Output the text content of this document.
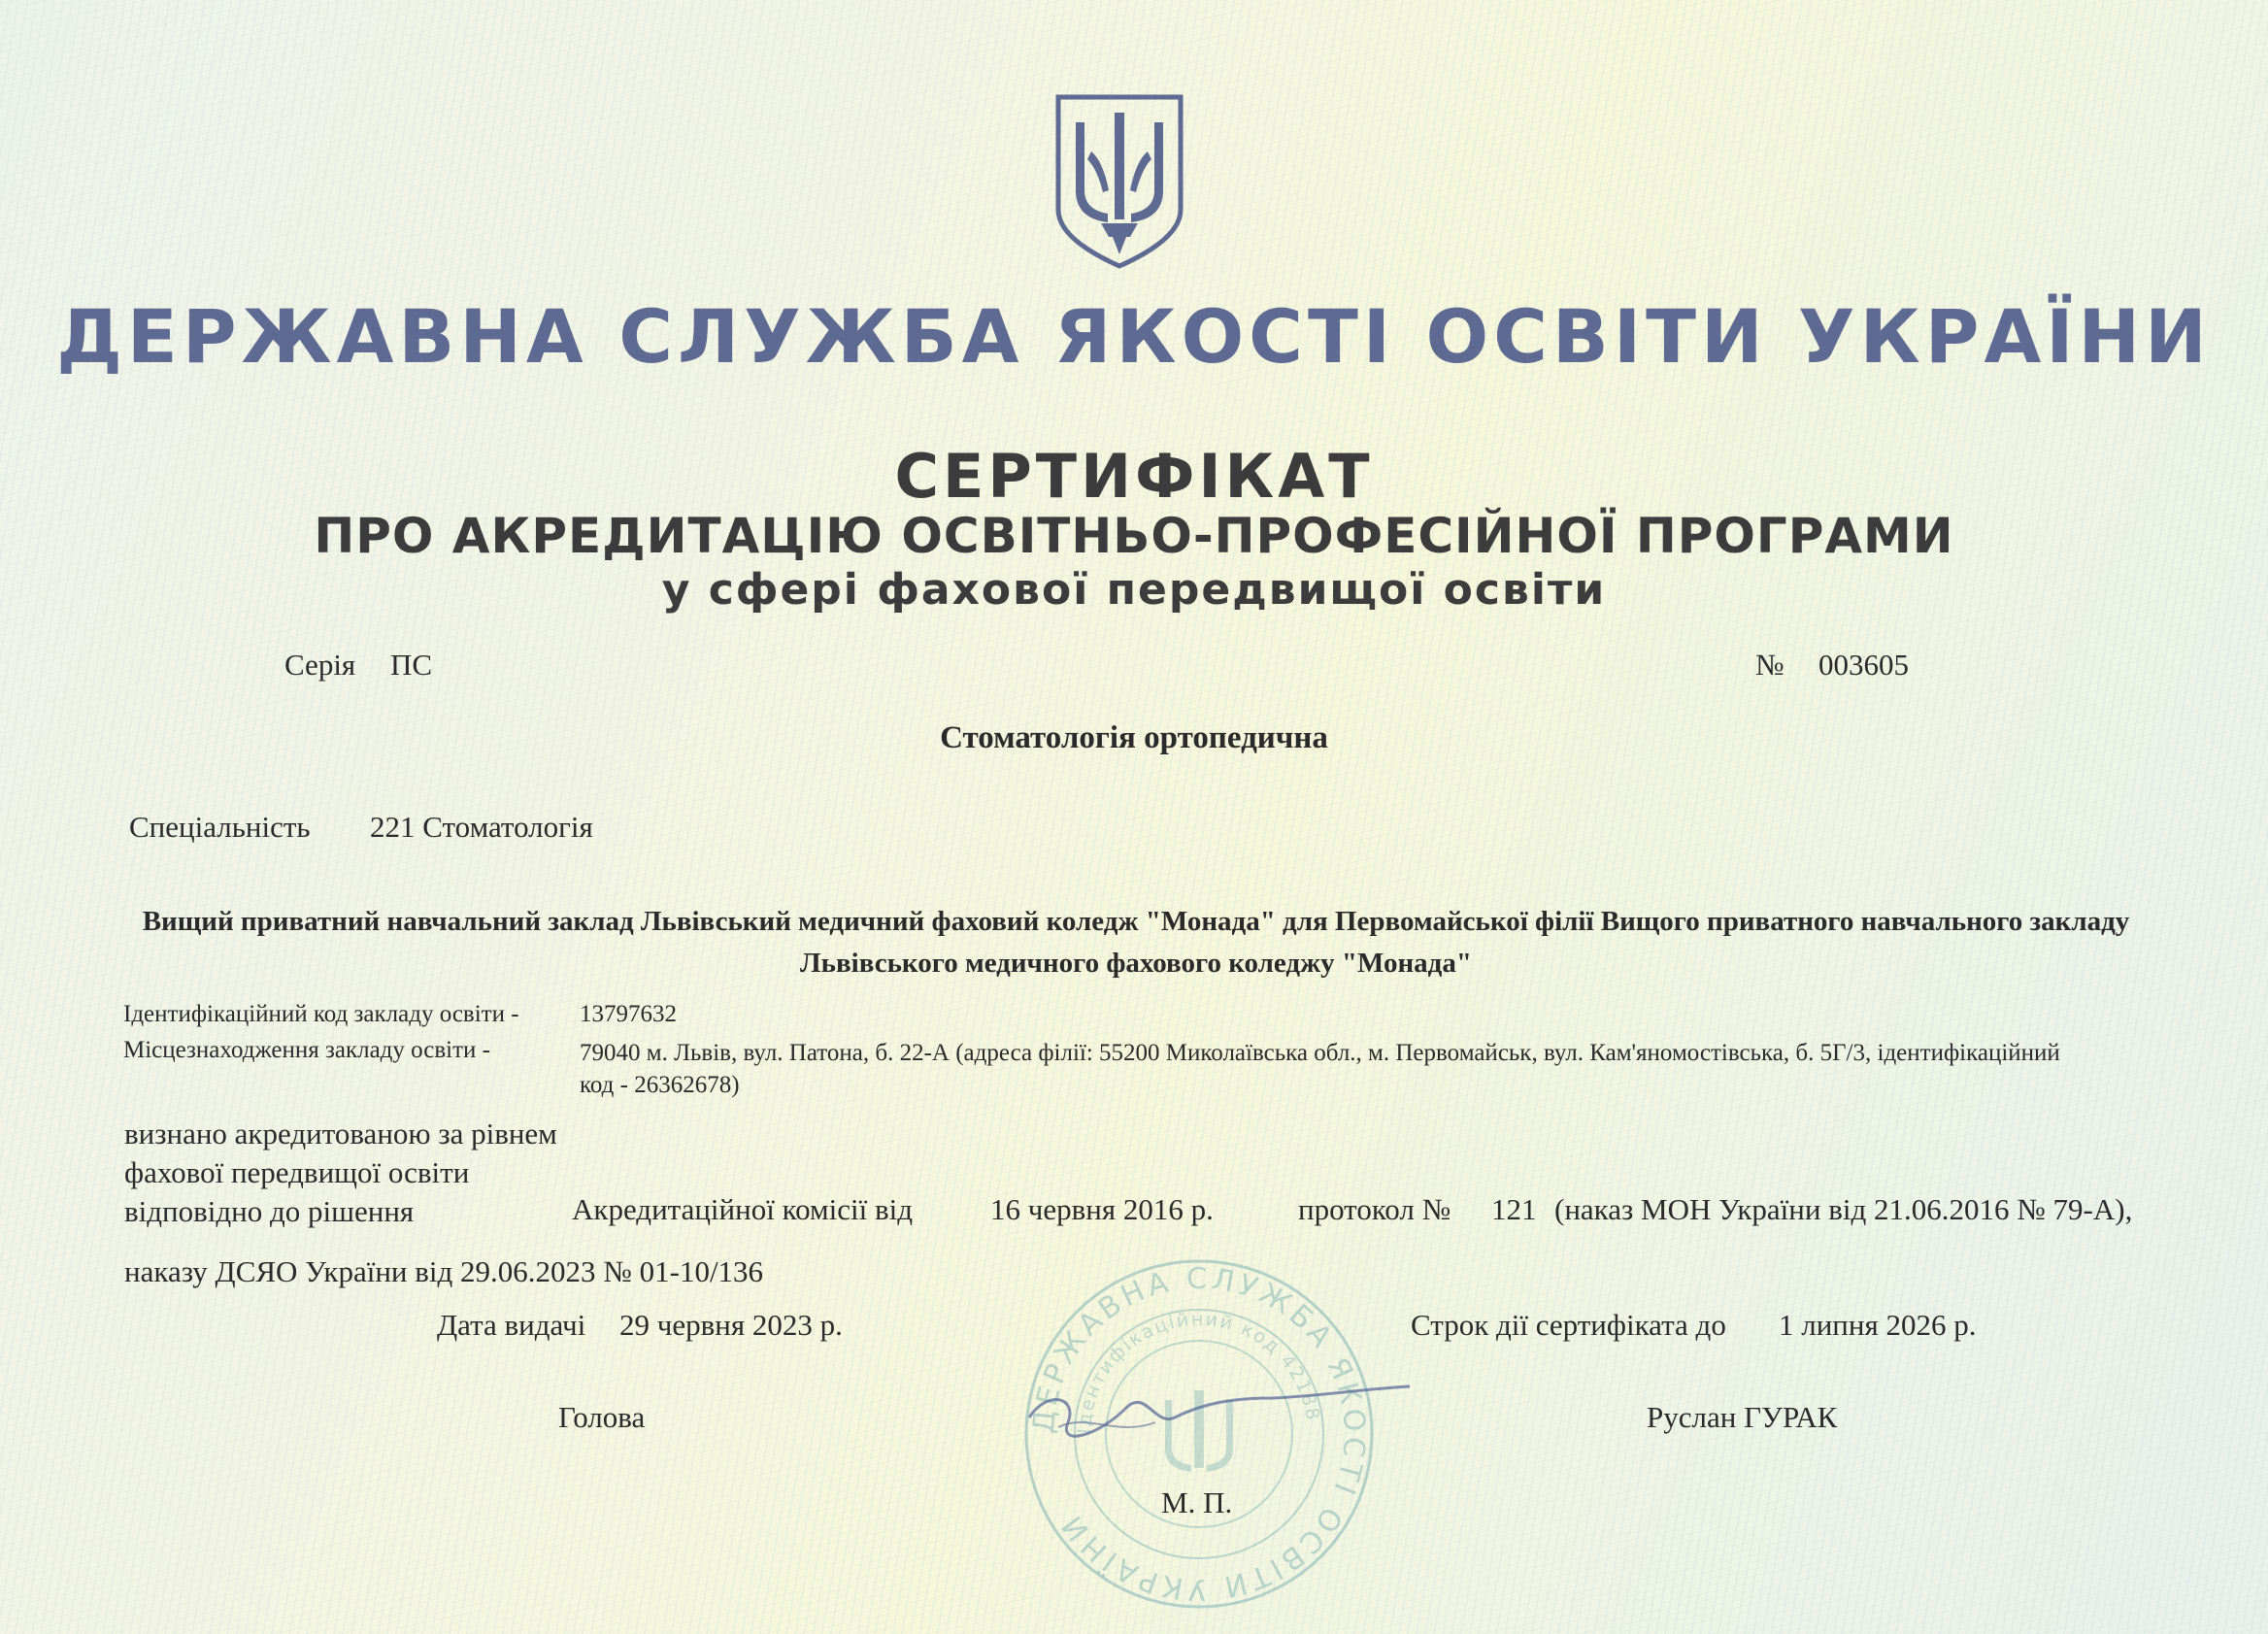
ДЕРЖАВНА СЛУЖБА ЯКОСТІ ОСВІТИ УКРАЇНИ
СЕРТИФІКАТ
ПРО АКРЕДИТАЦІЮ ОСВІТНЬО-ПРОФЕСІЙНОЇ ПРОГРАМИ
у сфері фахової передвищої освіти
Серія ПС	№ 003605
Стоматологія ортопедична
Спеціальність 221 Стоматологія
Вищий приватний навчальний заклад Львівський медичний фаховий коледж "Монада" для Первомайської філії Вищого приватного навчального закладу Львівського медичного фахового коледжу "Монада"
Ідентифікаційний код закладу освіти - 13797632
Місцезнаходження закладу освіти -	79040 м. Львів, вул. Патона, б. 22-А (адреса філії: 55200 Миколаївська обл., м. Первомайськ, вул. Кам'яномостівська, б. 5Г/3, ідентифікаційний код - 26362678)
визнано акредитованою за рівнем фахової передвищої освіти відповідно до рішення	Акредитаційної комісії від	16 червня 2016 р.	протокол № 121 (наказ МОН України від 21.06.2016 № 79-А),
наказу ДСЯО України від 29.06.2023 № 01-10/136
Дата видачі 29 червня 2023 р.	Строк дії сертифіката до 1 липня 2026 р.
ДЕРЖАВНА СЛУЖБА ЯКОСТІ ОСВІТИ УКРАЇНИ
Ідентифікаційний код 42188
Голова	Руслан ГУРАК
М. П.
